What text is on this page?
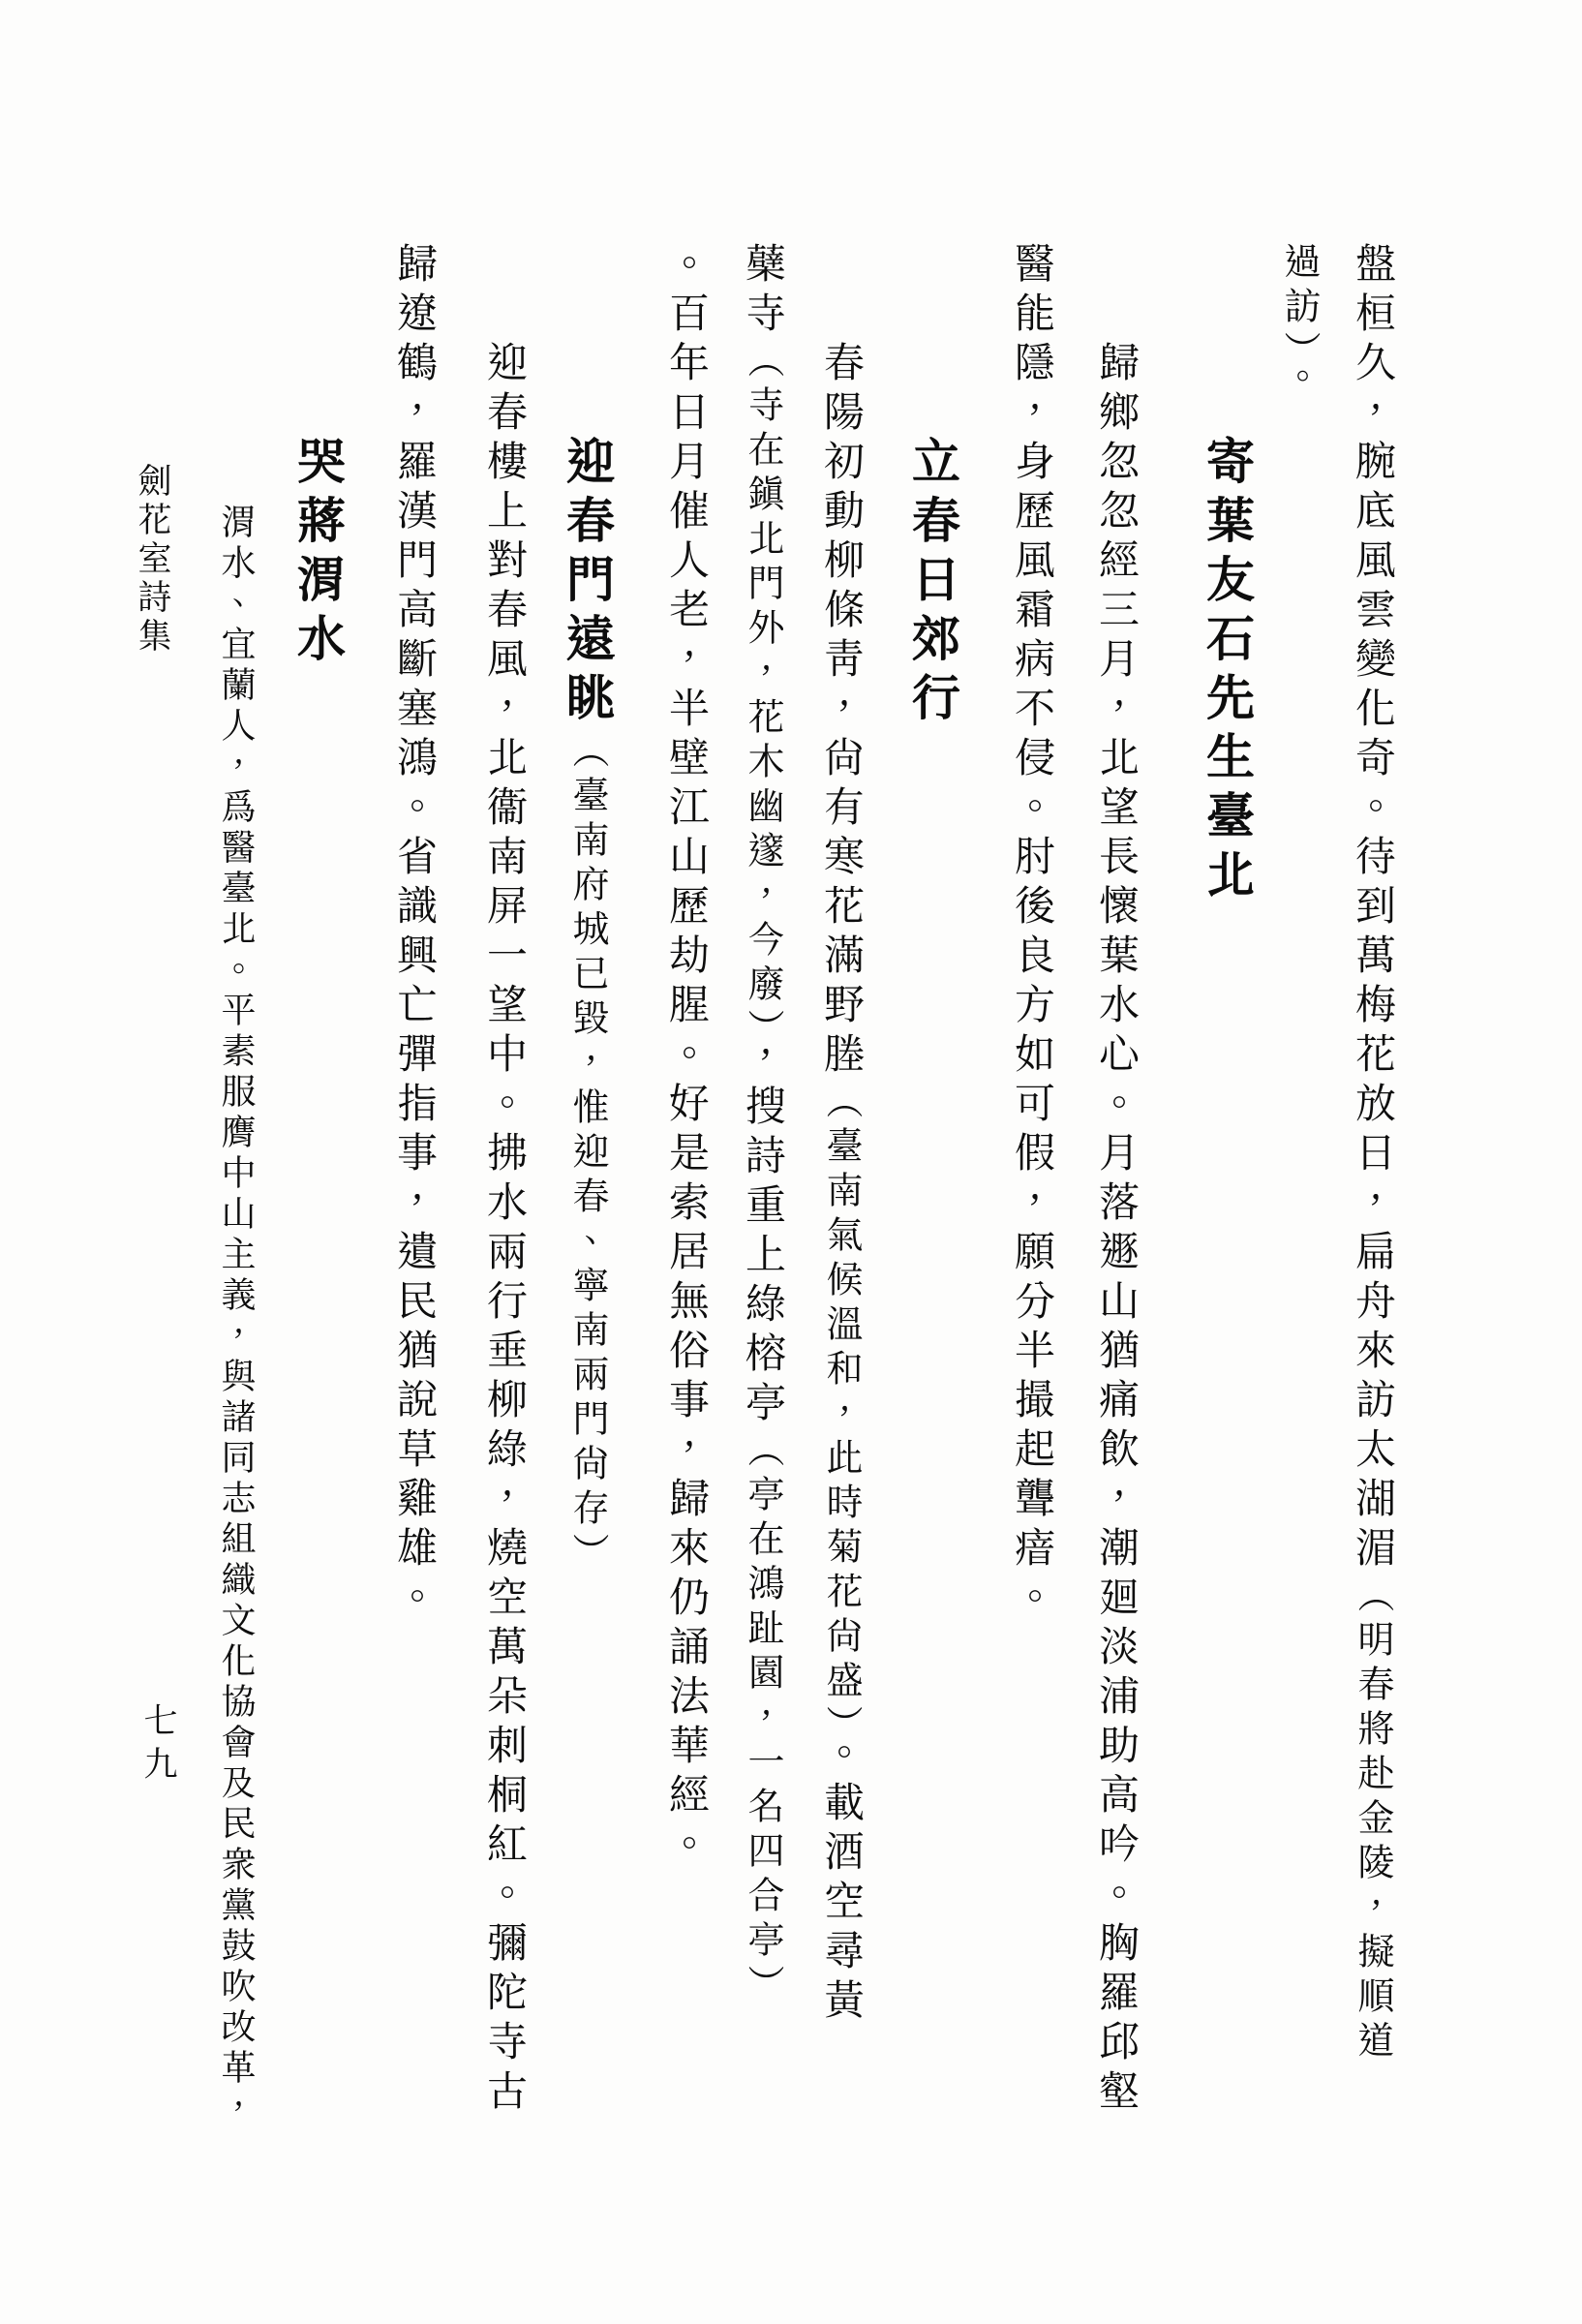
盤桓久，腕底風雲變化奇。待到萬梅花放日，扁舟來訪太湖湄（明春將赴金陵，擬順道
過訪）。
寄葉友石先生臺北
歸鄉忽忽經三月，北望長懷葉水心。月落遯山猶痛飲，潮廻淡浦助高吟。胸羅邱壑
醫能隱，身歷風霜病不侵。肘後良方如可假，願分半撮起聾瘖。
立春日郊行
春陽初動柳條靑，尙有寒花滿野塍（臺南氣候溫和，此時菊花尙盛）。載酒空尋黃
蘗寺（寺在鎭北門外，花木幽邃，今廢），搜詩重上綠榕亭（亭在鴻趾園，一名四合亭）
。百年日月催人老，半壁江山歷劫腥。好是索居無俗事，歸來仍誦法華經。
迎春門遠眺（臺南府城已毀，惟迎春、寧南兩門尙存）
迎春樓上對春風，北衞南屏一望中。拂水兩行垂柳綠，燒空萬朵刺桐紅。彌陀寺古
歸遼鶴，羅漢門高斷塞鴻。省識興亡彈指事，遺民猶說草雞雄。
哭蔣渭水
渭水、宜蘭人，爲醫臺北。平素服膺中山主義，與諸同志組織文化協會及民衆黨鼓吹改革，
劍花室詩集
七九
